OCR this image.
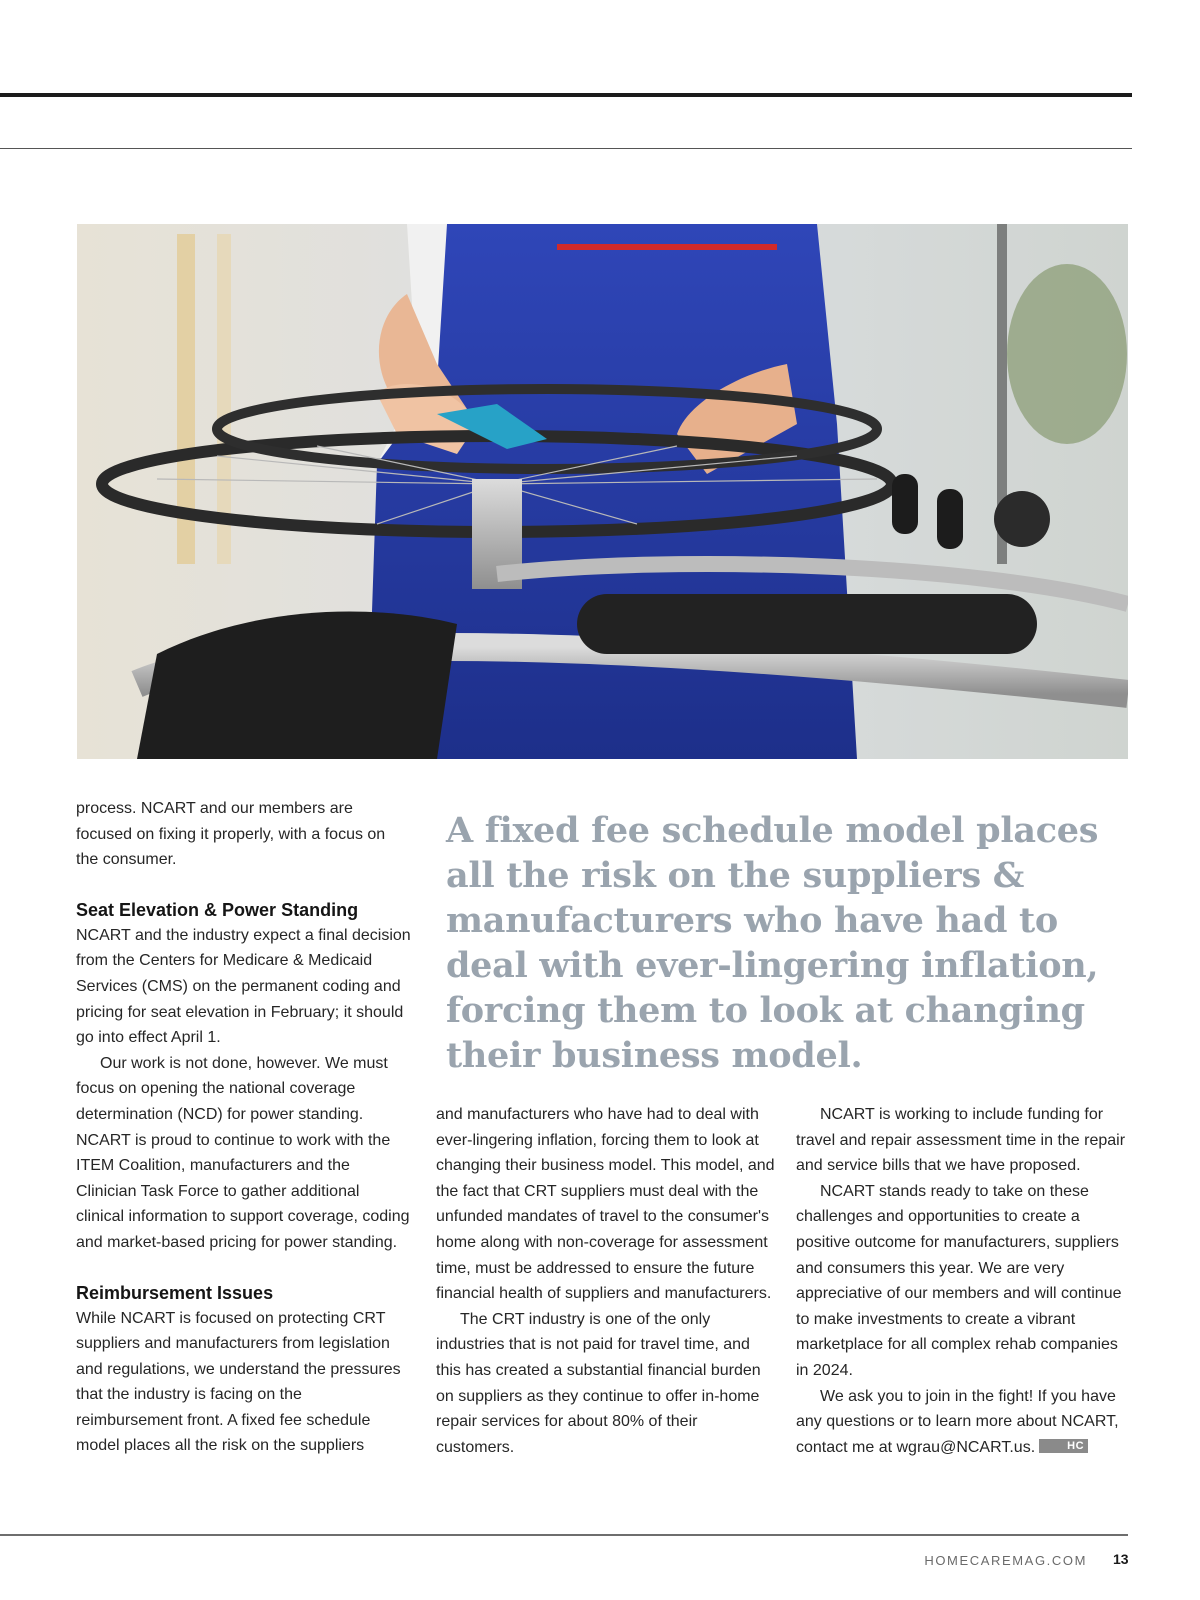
process. NCART and our members are focused on fixing it properly, with a focus on the consumer.

Seat Elevation & Power Standing

NCART and the industry expect a final decision from the Centers for Medicare & Medicaid Services (CMS) on the permanent coding and pricing for seat elevation in February; it should go into effect April 1.

Our work is not done, however. We must focus on opening the national coverage determination (NCD) for power standing. NCART is proud to continue to work with the ITEM Coalition, manufacturers and the Clinician Task Force to gather additional clinical information to support coverage, coding and market-based pricing for power standing.

Reimbursement Issues

While NCART is focused on protecting CRT suppliers and manufacturers from legislation and regulations, we understand the pressures that the industry is facing on the reimbursement front. A fixed fee schedule model places all the risk on the suppliers

A fixed fee schedule model places all the risk on the suppliers & manufacturers who have had to deal with ever-lingering inflation, forcing them to look at changing their business model.

and manufacturers who have had to deal with ever-lingering inflation, forcing them to look at changing their business model. This model, and the fact that CRT suppliers must deal with the unfunded mandates of travel to the consumer's home along with non-coverage for assessment time, must be addressed to ensure the future financial health of suppliers and manufacturers.

The CRT industry is one of the only industries that is not paid for travel time, and this has created a substantial financial burden on suppliers as they continue to offer in-home repair services for about 80% of their customers.

NCART is working to include funding for travel and repair assessment time in the repair and service bills that we have proposed.

NCART stands ready to take on these challenges and opportunities to create a positive outcome for manufacturers, suppliers and consumers this year. We are very appreciative of our members and will continue to make investments to create a vibrant marketplace for all complex rehab companies in 2024.

We ask you to join in the fight! If you have any questions or to learn more about NCART, contact me at wgrau@NCART.us.	HC

HOMECAREMAG.COM 13
